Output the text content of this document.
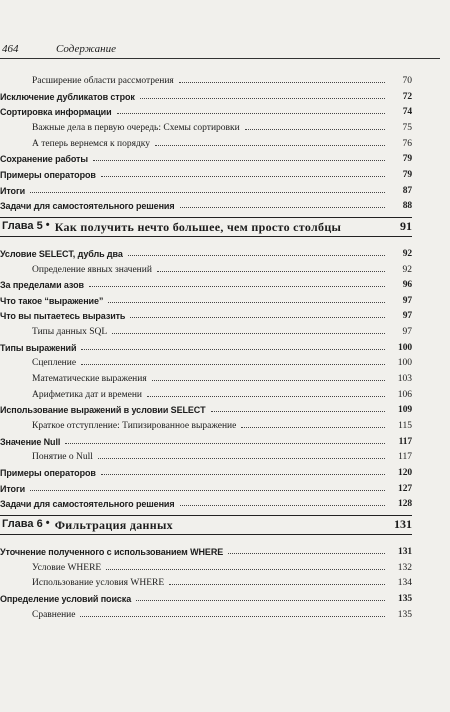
464	Содержание
Расширение области рассмотрения	70
Исключение дубликатов строк	72
Сортировка информации	74
Важные дела в первую очередь: Схемы сортировки	75
А теперь вернемся к порядку	76
Сохранение работы	79
Примеры операторов	79
Итоги	87
Задачи для самостоятельного решения	88
Глава 5 • Как получить нечто большее, чем просто столбцы	91
Условие SELECT, дубль два	92
Определение явных значений	92
За пределами азов	96
Что такое “выражение”	97
Что вы пытаетесь выразить	97
Типы данных SQL	97
Типы выражений	100
Сцепление	100
Математические выражения	103
Арифметика дат и времени	106
Использование выражений в условии SELECT	109
Краткое отступление: Типизированное выражение	115
Значение Null	117
Понятие о Null	117
Примеры операторов	120
Итоги	127
Задачи для самостоятельного решения	128
Глава 6 • Фильтрация данных	131
Уточнение полученного с использованием WHERE	131
Условие WHERE	132
Использование условия WHERE	134
Определение условий поиска	135
Сравнение	135
